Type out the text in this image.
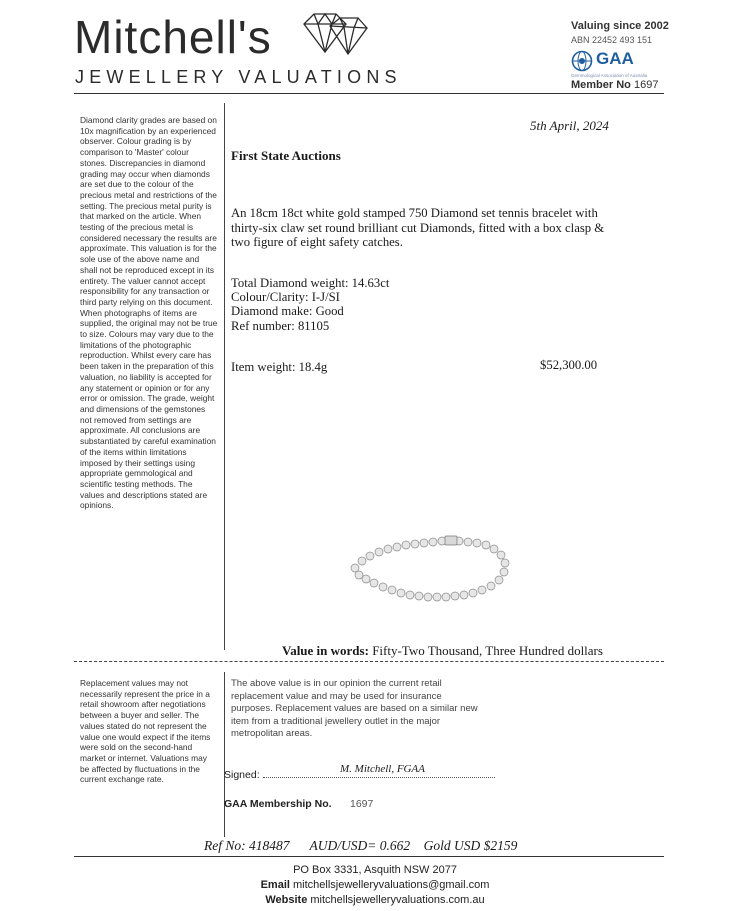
Mitchell's
JEWELLERY VALUATIONS
Valuing since 2002
ABN 22452 493 151
GAA
Gemmological Association of Australia
Member No 1697
Diamond clarity grades are based on 10x magnification by an experienced observer. Colour grading is by comparison to 'Master' colour stones. Discrepancies in diamond grading may occur when diamonds are set due to the colour of the precious metal and restrictions of the setting. The precious metal purity is that marked on the article. When testing of the precious metal is considered necessary the results are approximate. This valuation is for the sole use of the above name and shall not be reproduced except in its entirety. The valuer cannot accept responsibility for any transaction or third party relying on this document. When photographs of items are supplied, the original may not be true to size. Colours may vary due to the limitations of the photographic reproduction. Whilst every care has been taken in the preparation of this valuation, no liability is accepted for any statement or opinion or for any error or omission. The grade, weight and dimensions of the gemstones not removed from settings are approximate. All conclusions are substantiated by careful examination of the items within limitations imposed by their settings using appropriate gemmological and scientific testing methods. The values and descriptions stated are opinions.
5th April, 2024
First State Auctions
An 18cm 18ct white gold stamped 750 Diamond set tennis bracelet with thirty-six claw set round brilliant cut Diamonds, fitted with a box clasp & two figure of eight safety catches.
Total Diamond weight: 14.63ct
Colour/Clarity: I-J/SI
Diamond make: Good
Ref number: 81105
Item weight: 18.4g	$52,300.00
Value in words: Fifty-Two Thousand, Three Hundred dollars
Replacement values may not necessarily represent the price in a retail showroom after negotiations between a buyer and seller. The values stated do not represent the value one would expect if the items were sold on the second-hand market or internet. Valuations may be affected by fluctuations in the current exchange rate.
The above value is in our opinion the current retail replacement value and may be used for insurance purposes. Replacement values are based on a similar new item from a traditional jewellery outlet in the major metropolitan areas.
Signed:	M. Mitchell, FGAA
GAA Membership No. 1697
Ref No: 418487      AUD/USD= 0.662    Gold USD $2159
PO Box 3331, Asquith NSW 2077
Email mitchellsjewelleryvaluations@gmail.com
Website mitchellsjewelleryvaluations.com.au
